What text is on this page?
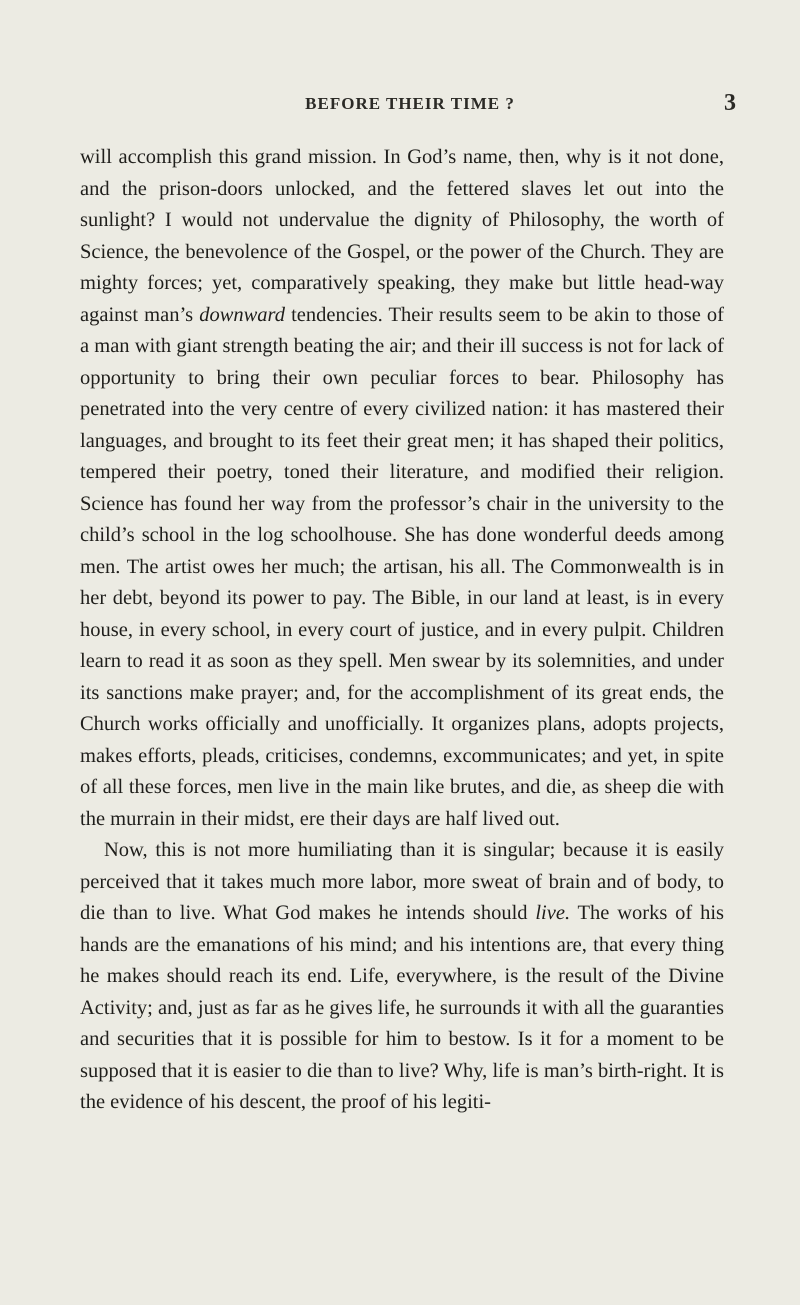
BEFORE THEIR TIME ?	3

will accomplish this grand mission. In God’s name, then, why is it not done, and the prison-doors unlocked, and the fettered slaves let out into the sunlight? I would not undervalue the dignity of Philosophy, the worth of Science, the benevolence of the Gospel, or the power of the Church. They are mighty forces; yet, comparatively speaking, they make but little head-way against man’s downward tendencies. Their results seem to be akin to those of a man with giant strength beating the air; and their ill success is not for lack of opportunity to bring their own peculiar forces to bear. Philosophy has penetrated into the very centre of every civilized nation: it has mastered their languages, and brought to its feet their great men; it has shaped their politics, tempered their poetry, toned their literature, and modified their religion. Science has found her way from the professor’s chair in the university to the child’s school in the log schoolhouse. She has done wonderful deeds among men. The artist owes her much; the artisan, his all. The Commonwealth is in her debt, beyond its power to pay. The Bible, in our land at least, is in every house, in every school, in every court of justice, and in every pulpit. Children learn to read it as soon as they spell. Men swear by its solemnities, and under its sanctions make prayer; and, for the accomplishment of its great ends, the Church works officially and unofficially. It organizes plans, adopts projects, makes efforts, pleads, criticises, condemns, excommunicates; and yet, in spite of all these forces, men live in the main like brutes, and die, as sheep die with the murrain in their midst, ere their days are half lived out.

Now, this is not more humiliating than it is singular; because it is easily perceived that it takes much more labor, more sweat of brain and of body, to die than to live. What God makes he intends should live. The works of his hands are the emanations of his mind; and his intentions are, that every thing he makes should reach its end. Life, everywhere, is the result of the Divine Activity; and, just as far as he gives life, he surrounds it with all the guaranties and securities that it is possible for him to bestow. Is it for a moment to be supposed that it is easier to die than to live? Why, life is man’s birth-right. It is the evidence of his descent, the proof of his legiti-
